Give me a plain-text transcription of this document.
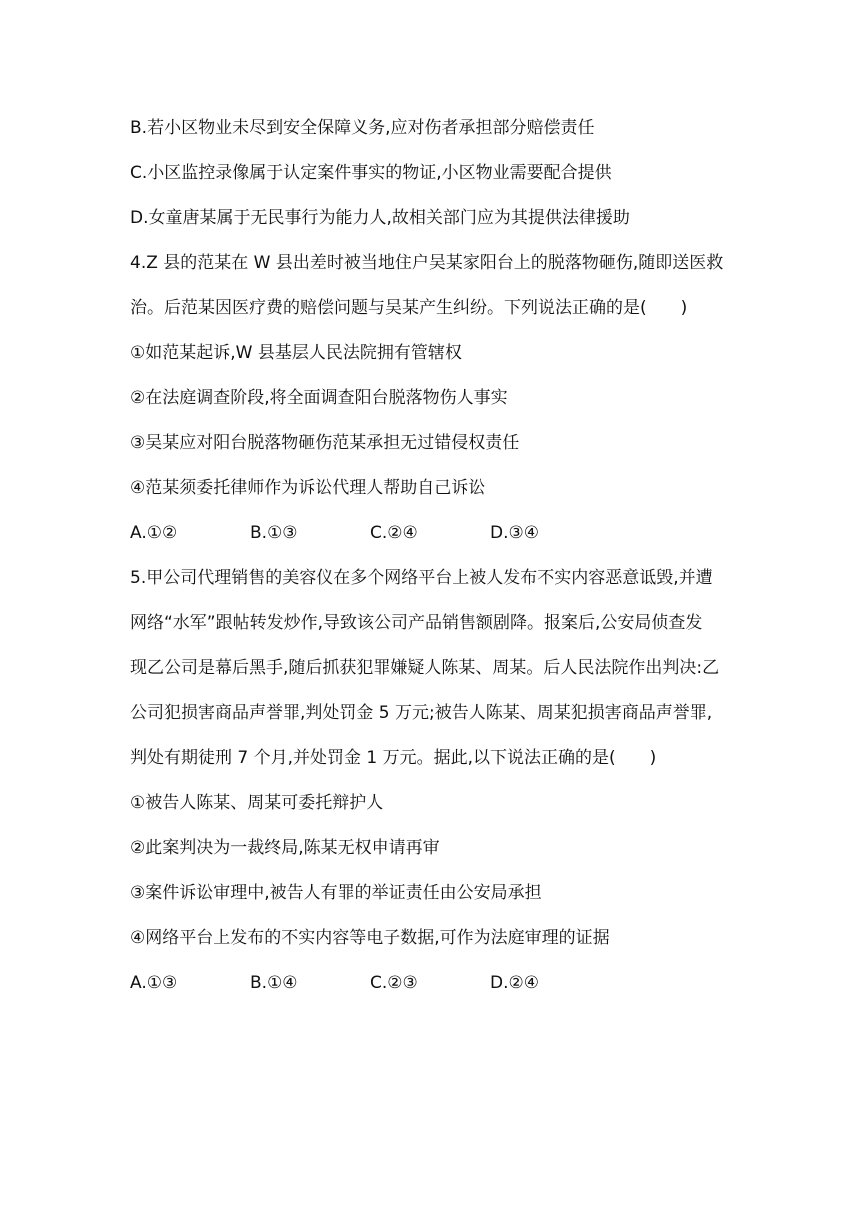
B.若小区物业未尽到安全保障义务,应对伤者承担部分赔偿责任
C.小区监控录像属于认定案件事实的物证,小区物业需要配合提供
D.女童唐某属于无民事行为能力人,故相关部门应为其提供法律援助
4.Z 县的范某在 W 县出差时被当地住户吴某家阳台上的脱落物砸伤,随即送医救
治。后范某因医疗费的赔偿问题与吴某产生纠纷。下列说法正确的是(　　)
①如范某起诉,W 县基层人民法院拥有管辖权
②在法庭调查阶段,将全面调查阳台脱落物伤人事实
③吴某应对阳台脱落物砸伤范某承担无过错侵权责任
④范某须委托律师作为诉讼代理人帮助自己诉讼
A.①②	B.①③	C.②④	D.③④
5.甲公司代理销售的美容仪在多个网络平台上被人发布不实内容恶意诋毁,并遭
网络“水军”跟帖转发炒作,导致该公司产品销售额剧降。报案后,公安局侦查发
现乙公司是幕后黑手,随后抓获犯罪嫌疑人陈某、周某。后人民法院作出判决:乙
公司犯损害商品声誉罪,判处罚金 5 万元;被告人陈某、周某犯损害商品声誉罪,
判处有期徒刑 7 个月,并处罚金 1 万元。据此,以下说法正确的是(　　)
①被告人陈某、周某可委托辩护人
②此案判决为一裁终局,陈某无权申请再审
③案件诉讼审理中,被告人有罪的举证责任由公安局承担
④网络平台上发布的不实内容等电子数据,可作为法庭审理的证据
A.①③	B.①④	C.②③	D.②④
